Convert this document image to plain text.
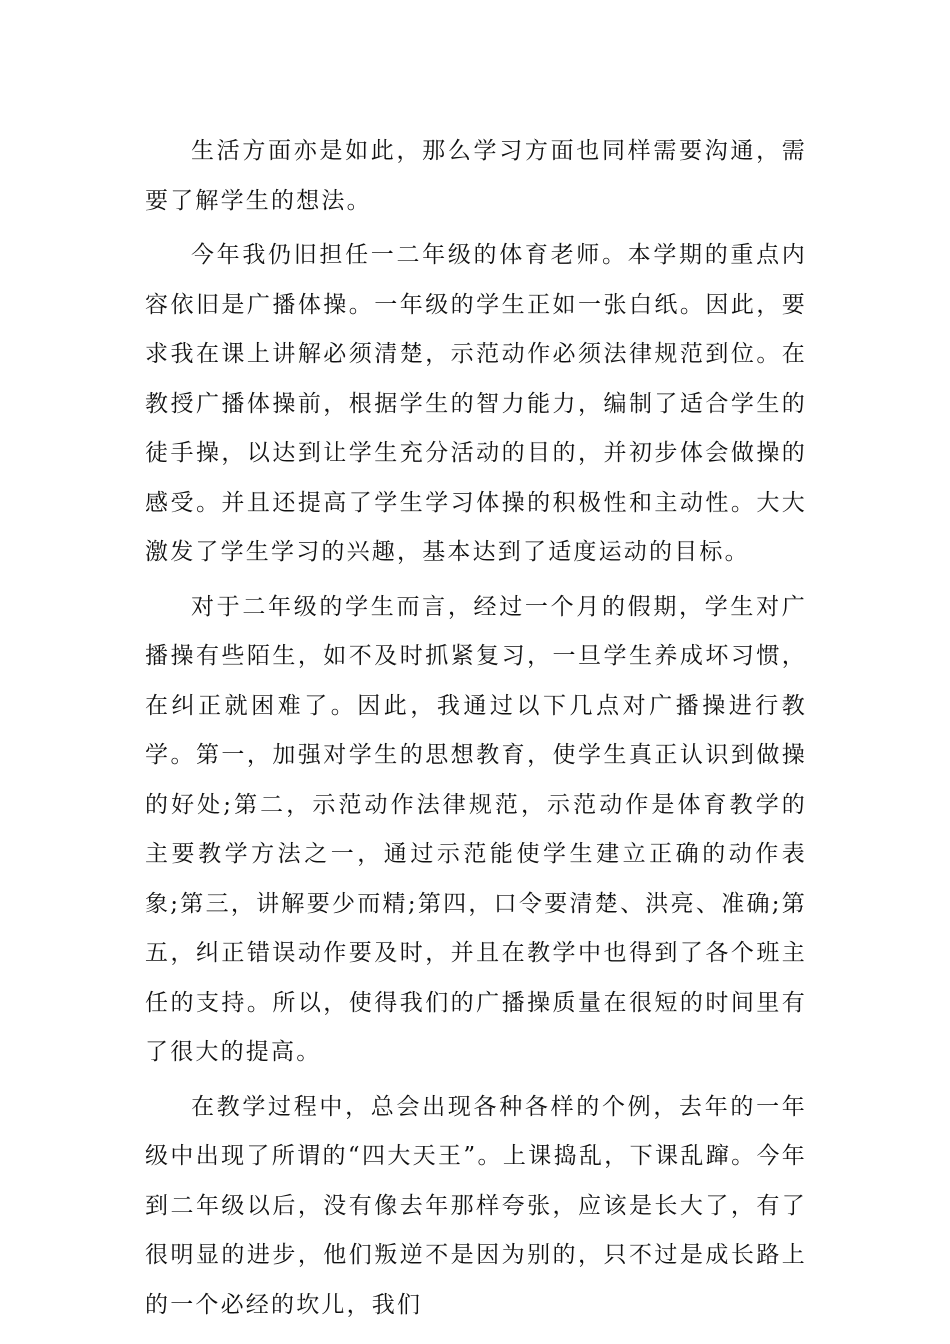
生活方面亦是如此，那么学习方面也同样需要沟通，需要了解学生的想法。

今年我仍旧担任一二年级的体育老师。本学期的重点内容依旧是广播体操。一年级的学生正如一张白纸。因此，要求我在课上讲解必须清楚，示范动作必须法律规范到位。在教授广播体操前，根据学生的智力能力，编制了适合学生的徒手操，以达到让学生充分活动的目的，并初步体会做操的感受。并且还提高了学生学习体操的积极性和主动性。大大激发了学生学习的兴趣，基本达到了适度运动的目标。

对于二年级的学生而言，经过一个月的假期，学生对广播操有些陌生，如不及时抓紧复习，一旦学生养成坏习惯，在纠正就困难了。因此，我通过以下几点对广播操进行教学。第一，加强对学生的思想教育，使学生真正认识到做操的好处;第二，示范动作法律规范，示范动作是体育教学的主要教学方法之一，通过示范能使学生建立正确的动作表象;第三，讲解要少而精;第四，口令要清楚、洪亮、准确;第五，纠正错误动作要及时，并且在教学中也得到了各个班主任的支持。所以，使得我们的广播操质量在很短的时间里有了很大的提高。

在教学过程中，总会出现各种各样的个例，去年的一年级中出现了所谓的“四大天王”。上课捣乱，下课乱蹿。今年到二年级以后，没有像去年那样夸张，应该是长大了，有了很明显的进步，他们叛逆不是因为别的，只不过是成长路上的一个必经的坎儿，我们
